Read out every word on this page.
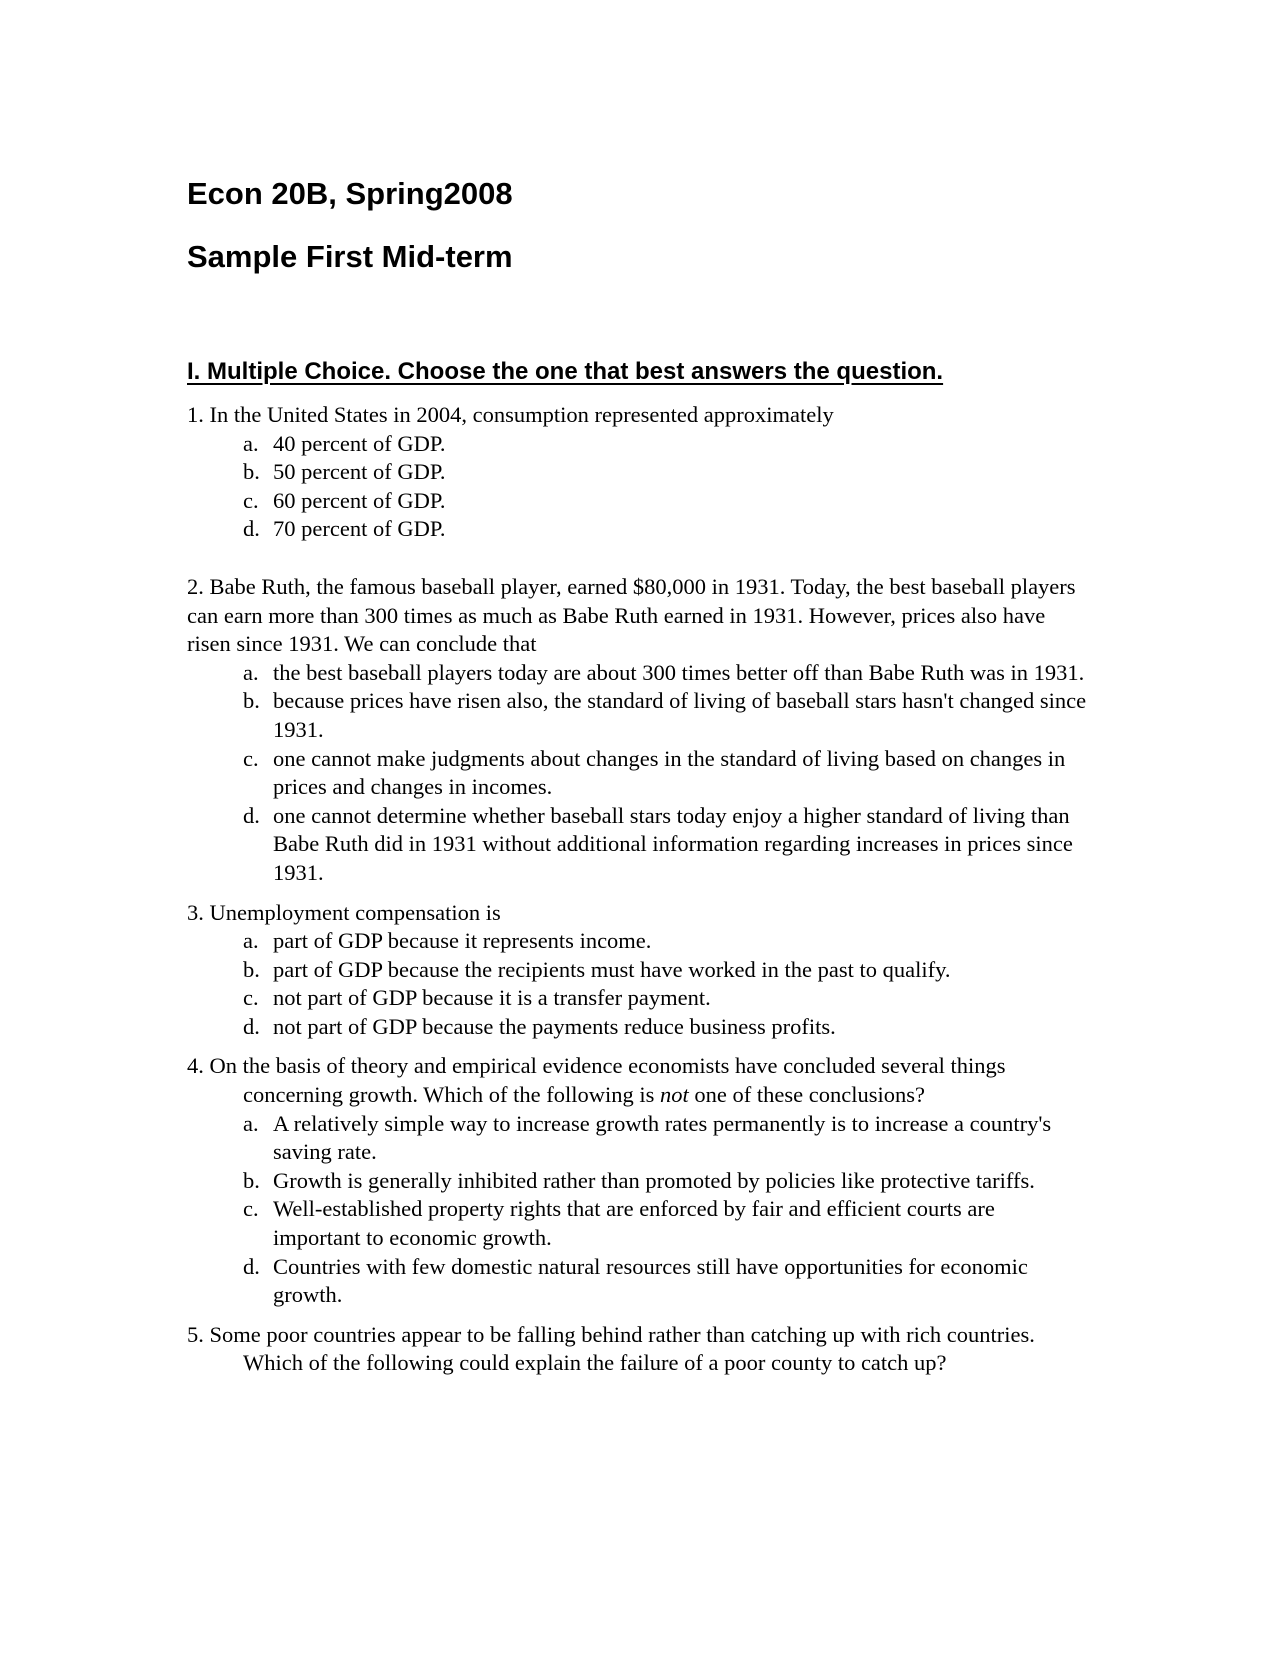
Econ 20B, Spring2008
Sample First Mid-term
I. Multiple Choice. Choose the one that best answers the question.

1. In the United States in 2004, consumption represented approximately

a. 40 percent of GDP.
b. 50 percent of GDP.
c. 60 percent of GDP.
d. 70 percent of GDP.

2. Babe Ruth, the famous baseball player, earned $80,000 in 1931. Today, the best baseball players can earn more than 300 times as much as Babe Ruth earned in 1931. However, prices also have risen since 1931. We can conclude that

a. the best baseball players today are about 300 times better off than Babe Ruth was in 1931.
b. because prices have risen also, the standard of living of baseball stars hasn't changed since 1931.
c. one cannot make judgments about changes in the standard of living based on changes in prices and changes in incomes.
d. one cannot determine whether baseball stars today enjoy a higher standard of living than Babe Ruth did in 1931 without additional information regarding increases in prices since 1931.

3. Unemployment compensation is

a. part of GDP because it represents income.
b. part of GDP because the recipients must have worked in the past to qualify.
c. not part of GDP because it is a transfer payment.
d. not part of GDP because the payments reduce business profits.

4. On the basis of theory and empirical evidence economists have concluded several things concerning growth. Which of the following is not one of these conclusions?

a. A relatively simple way to increase growth rates permanently is to increase a country's saving rate.
b. Growth is generally inhibited rather than promoted by policies like protective tariffs.
c. Well-established property rights that are enforced by fair and efficient courts are important to economic growth.
d. Countries with few domestic natural resources still have opportunities for economic growth.

5. Some poor countries appear to be falling behind rather than catching up with rich countries. Which of the following could explain the failure of a poor county to catch up?
